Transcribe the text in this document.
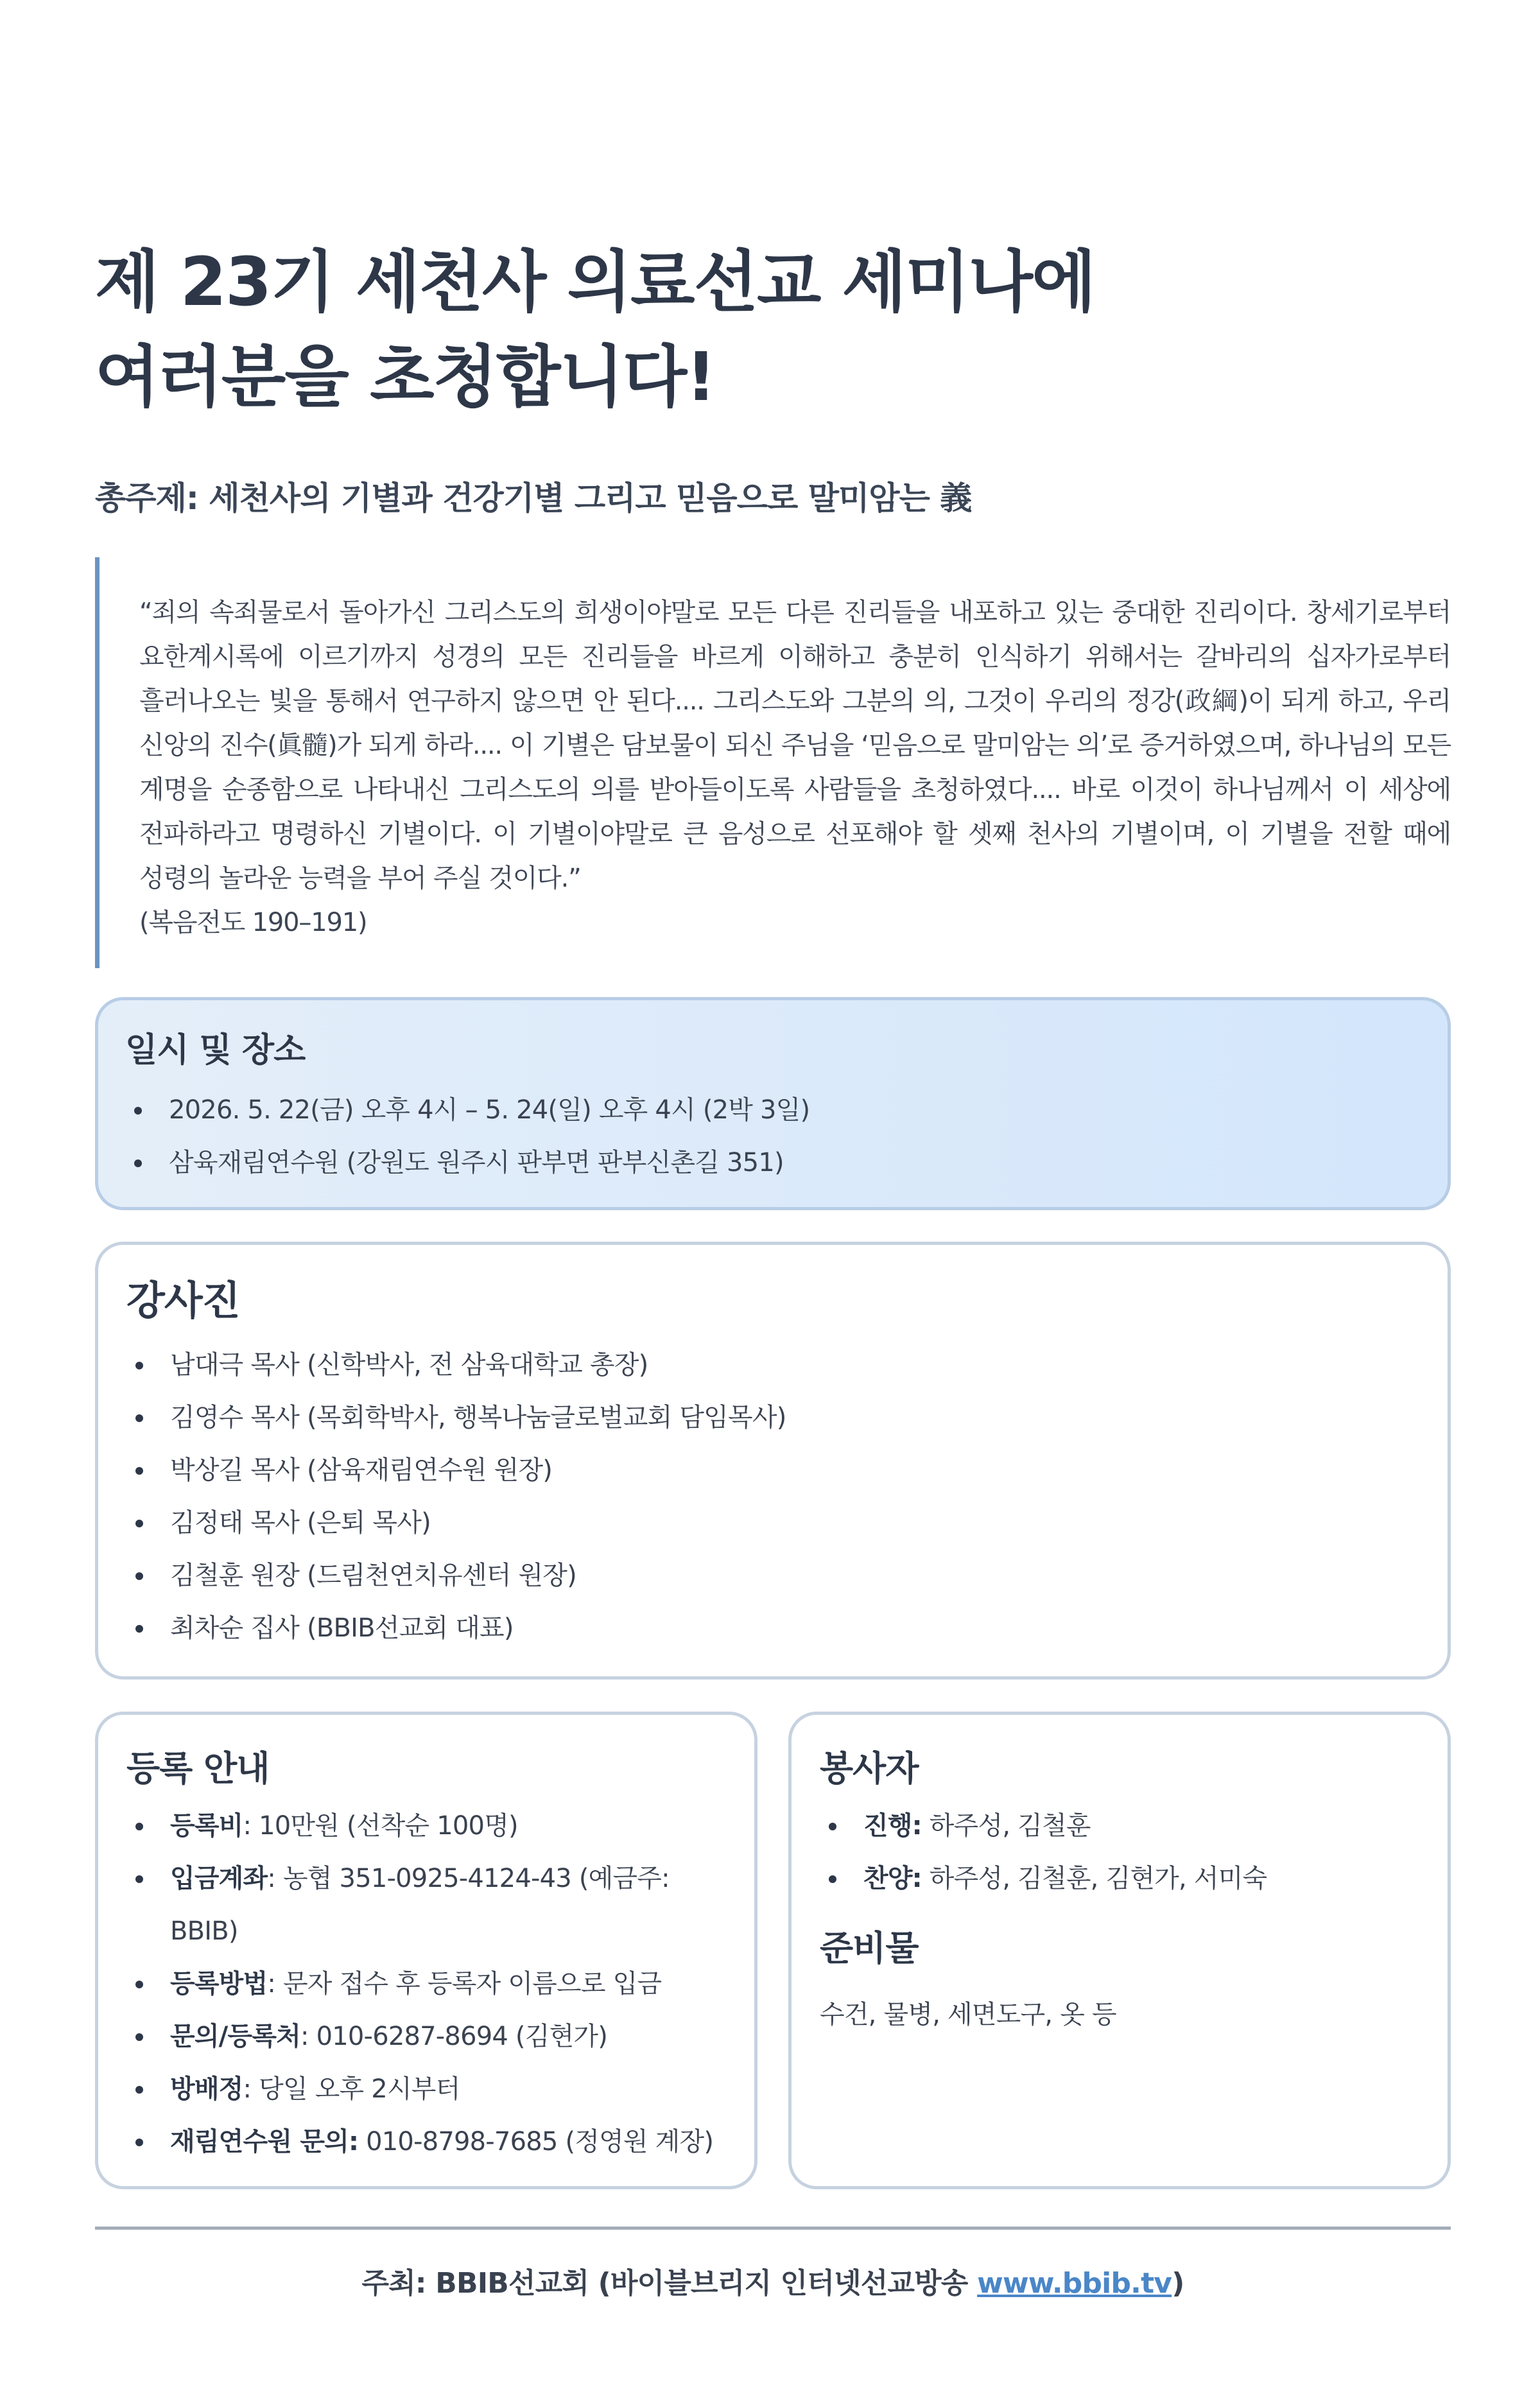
제 23기 세천사 의료선교 세미나에
여러분을 초청합니다!
총주제: 세천사의 기별과 건강기별 그리고 믿음으로 말미암는 義

“죄의 속죄물로서 돌아가신 그리스도의 희생이야말로 모든 다른 진리들을 내포하고 있는 중대한 진리이다. 창세기로부터 요한계시록에 이르기까지 성경의 모든 진리들을 바르게 이해하고 충분히 인식하기 위해서는 갈바리의 십자가로부터 흘러나오는 빛을 통해서 연구하지 않으면 안 된다.... 그리스도와 그분의 의, 그것이 우리의 정강(政綱)이 되게 하고, 우리 신앙의 진수(眞髓)가 되게 하라.... 이 기별은 담보물이 되신 주님을 ‘믿음으로 말미암는 의’로 증거하였으며, 하나님의 모든 계명을 순종함으로 나타내신 그리스도의 의를 받아들이도록 사람들을 초청하였다.... 바로 이것이 하나님께서 이 세상에 전파하라고 명령하신 기별이다. 이 기별이야말로 큰 음성으로 선포해야 할 셋째 천사의 기별이며, 이 기별을 전할 때에 성령의 놀라운 능력을 부어 주실 것이다.”

(복음전도 190–191)

일시 및 장소
2026. 5. 22(금) 오후 4시 – 5. 24(일) 오후 4시 (2박 3일)
삼육재림연수원 (강원도 원주시 판부면 판부신촌길 351)
강사진
남대극 목사 (신학박사, 전 삼육대학교 총장)
김영수 목사 (목회학박사, 행복나눔글로벌교회 담임목사)
박상길 목사 (삼육재림연수원 원장)
김정태 목사 (은퇴 목사)
김철훈 원장 (드림천연치유센터 원장)
최차순 집사 (BBIB선교회 대표)
등록 안내
등록비: 10만원 (선착순 100명)
입금계좌: 농협 351-0925-4124-43 (예금주: BBIB)
등록방법: 문자 접수 후 등록자 이름으로 입금
문의/등록처: 010-6287-8694 (김현가)
방배정: 당일 오후 2시부터
재림연수원 문의: 010-8798-7685 (정영원 계장)
봉사자
진행: 하주성, 김철훈
찬양: 하주성, 김철훈, 김현가, 서미숙
준비물

수건, 물병, 세면도구, 옷 등

주최: BBIB선교회 (바이블브리지 인터넷선교방송 www.bbib.tv)
